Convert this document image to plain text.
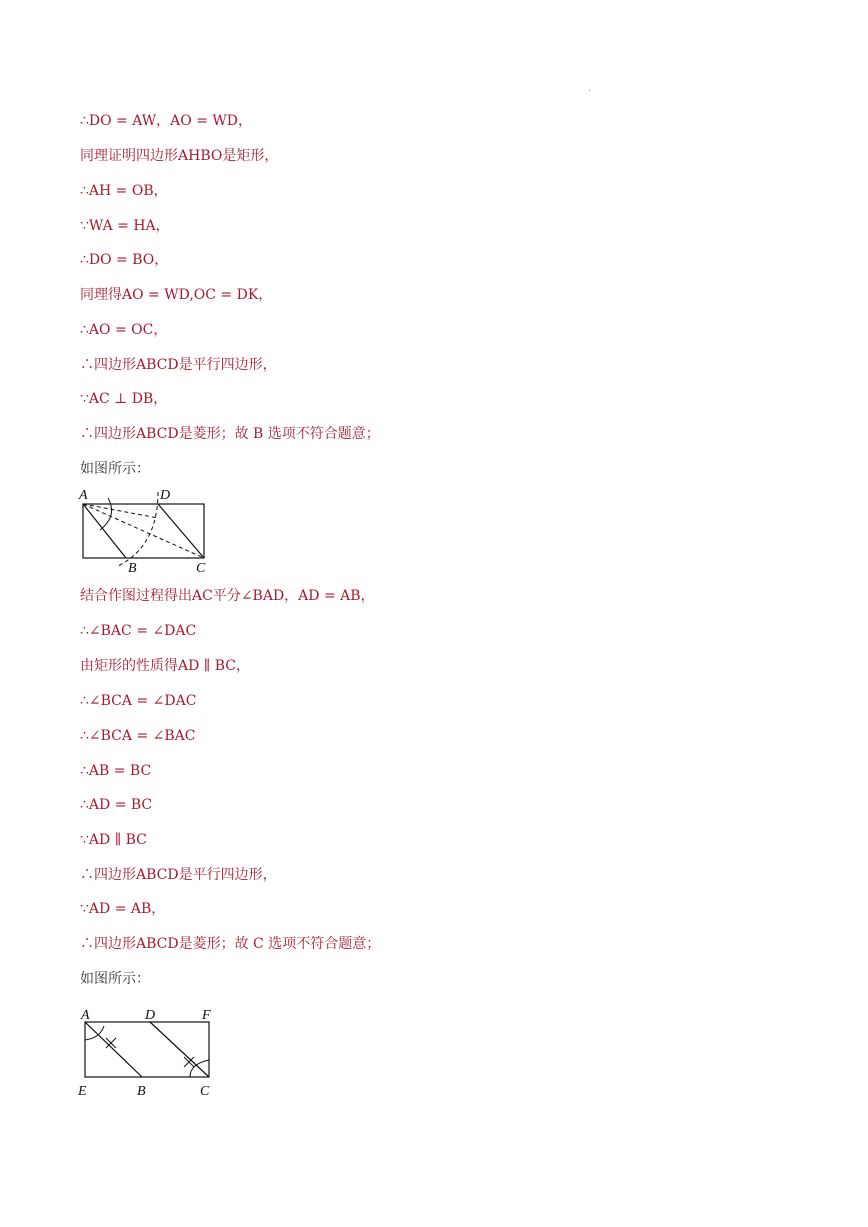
∴DO = AW，AO = WD，
同理证明四边形AHBO是矩形，
∴AH = OB，
∵WA = HA，
∴DO = BO，
同理得AO = WD,OC = DK，
∴AO = OC，
∴四边形ABCD是平行四边形，
∵AC ⊥ DB，
∴四边形ABCD是菱形；故 B 选项不符合题意；
如图所示：
A	D
B	C
结合作图过程得出AC平分∠BAD，AD = AB，
∴∠BAC = ∠DAC
由矩形的性质得AD ∥ BC，
∴∠BCA = ∠DAC
∴∠BCA = ∠BAC
∴AB = BC
∴AD = BC
∵AD ∥ BC
∴四边形ABCD是平行四边形，
∵AD = AB，
∴四边形ABCD是菱形；故 C 选项不符合题意；
如图所示：
A	D	F
E	B	C
